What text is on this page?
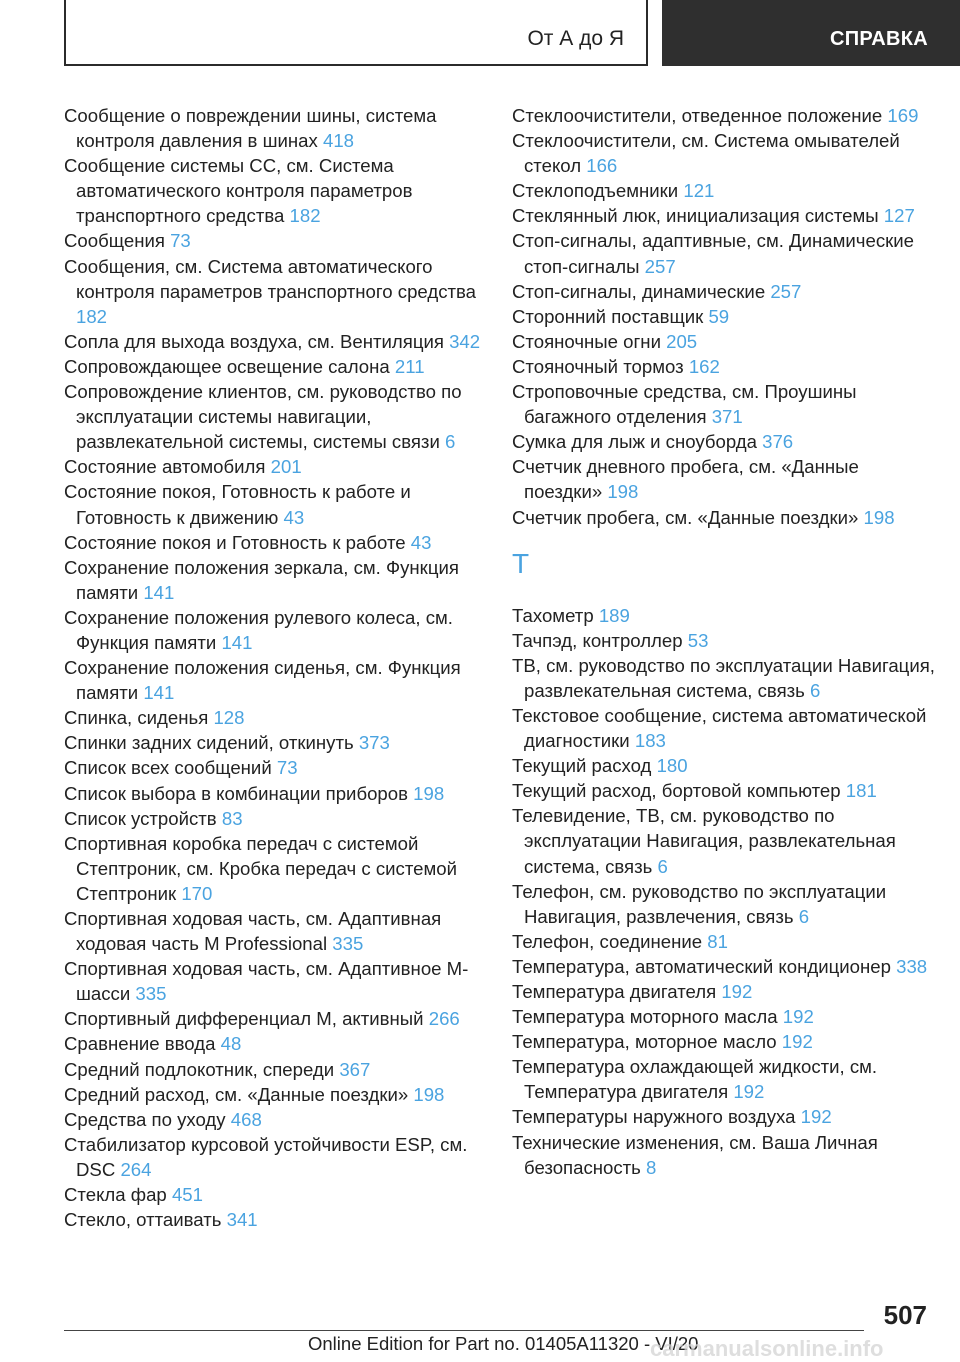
От А до Я	СПРАВКА

Сообщение о повреждении шины, система контроля давления в шинах 418

Сообщение системы CC, см. Система автоматического контроля параметров транспортного средства 182

Сообщения 73

Сообщения, см. Система автоматического контроля параметров транспортного средства 182

Сопла для выхода воздуха, см. Вентиляция 342

Сопровождающее освещение салона 211

Сопровождение клиентов, см. руководство по эксплуатации системы навигации, развлекательной системы, системы связи 6

Состояние автомобиля 201

Состояние покоя, Готовность к работе и Готовность к движению 43

Состояние покоя и Готовность к работе 43

Сохранение положения зеркала, см. Функция памяти 141

Сохранение положения рулевого колеса, см. Функция памяти 141

Сохранение положения сиденья, см. Функция памяти 141

Спинка, сиденья 128

Спинки задних сидений, откинуть 373

Список всех сообщений 73

Список выбора в комбинации приборов 198

Список устройств 83

Спортивная коробка передач с системой Стептроник, см. Кробка передач с системой Стептроник 170

Спортивная ходовая часть, см. Адаптивная ходовая часть M Professional 335

Спортивная ходовая часть, см. Адаптивное M-шасси 335

Спортивный дифференциал M, активный 266

Сравнение ввода 48

Средний подлокотник, спереди 367

Средний расход, см. «Данные поездки» 198

Средства по уходу 468

Стабилизатор курсовой устойчивости ESP, см. DSC 264

Стекла фар 451

Стекло, оттаивать 341

Стеклоочистители, отведенное положение 169

Стеклоочистители, см. Система омывателей стекол 166

Стеклоподъемники 121

Стеклянный люк, инициализация системы 127

Стоп-сигналы, адаптивные, см. Динамические стоп-сигналы 257

Стоп-сигналы, динамические 257

Сторонний поставщик 59

Стояночные огни 205

Стояночный тормоз 162

Строповочные средства, см. Проушины багажного отделения 371

Сумка для лыж и сноуборда 376

Счетчик дневного пробега, см. «Данные поездки» 198

Счетчик пробега, см. «Данные поездки» 198

Т

Тахометр 189

Тачпэд, контроллер 53

ТВ, см. руководство по эксплуатации Навигация, развлекательная система, связь 6

Текстовое сообщение, система автоматической диагностики 183

Текущий расход 180

Текущий расход, бортовой компьютер 181

Телевидение, ТВ, см. руководство по эксплуатации Навигация, развлекательная система, связь 6

Телефон, см. руководство по эксплуатации Навигация, развлечения, связь 6

Телефон, соединение 81

Температура, автоматический кондиционер 338

Температура двигателя 192

Температура моторного масла 192

Температура, моторное масло 192

Температура охлаждающей жидкости, см. Температура двигателя 192

Температуры наружного воздуха 192

Технические изменения, см. Ваша Личная безопасность 8

507
Online Edition for Part no. 01405A11320 - VI/20
carmanualsonline.info
